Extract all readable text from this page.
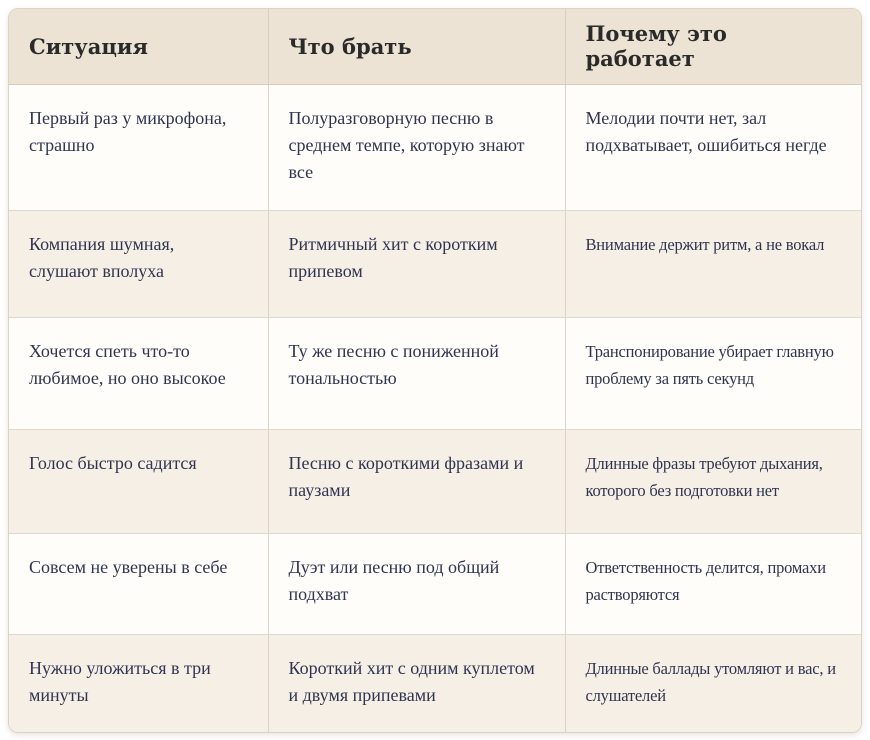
Ситуация	Что брать	Почему это работает
Первый раз у микрофона, страшно	Полуразговорную песню в среднем темпе, которую знают все	Мелодии почти нет, зал подхватывает, ошибиться негде
Компания шумная, слушают вполуха	Ритмичный хит с коротким припевом	Внимание держит ритм, а не вокал
Хочется спеть что-то любимое, но оно высокое	Ту же песню с пониженной тональностью	Транспонирование убирает главную проблему за пять секунд
Голос быстро садится	Песню с короткими фразами и паузами	Длинные фразы требуют дыхания, которого без подготовки нет
Совсем не уверены в себе	Дуэт или песню под общий подхват	Ответственность делится, промахи растворяются
Нужно уложиться в три минуты	Короткий хит с одним куплетом и двумя припевами	Длинные баллады утомляют и вас, и слушателей
